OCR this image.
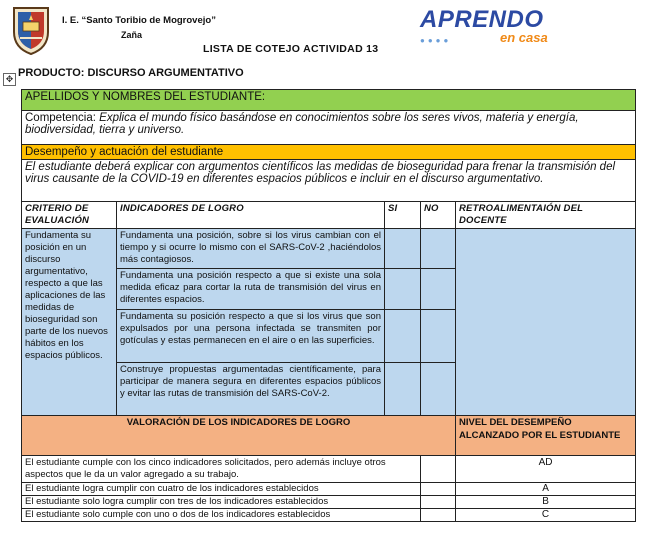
I. E. “Santo Toribio de Mogrovejo”
Zaña
APRENDO
●●●●	en casa
LISTA DE COTEJO ACTIVIDAD 13
✥ PRODUCTO: DISCURSO ARGUMENTATIVO
APELLIDOS Y NOMBRES DEL ESTUDIANTE:				
Competencia: Explica el mundo físico basándose en conocimientos sobre los seres vivos, materia y energía, biodiversidad, tierra y universo.				
Desempeño y actuación del estudiante				
El estudiante deberá explicar con argumentos científicos las medidas de bioseguridad para frenar la transmisión del virus causante de la COVID-19 en diferentes espacios públicos e incluir en el discurso argumentativo.				
CRITERIO DE EVALUACIÓN	INDICADORES DE LOGRO	SI	NO	RETROALIMENTAIÓN DEL DOCENTE
Fundamenta su posición en un discurso argumentativo, respecto a que las aplicaciones de las medidas de bioseguridad son parte de los nuevos hábitos en los espacios públicos.	Fundamenta una posición, sobre si los virus cambian con el tiempo y si ocurre lo mismo con el SARS-CoV-2 ,haciéndolos más contagiosos.			
	Fundamenta una posición respecto a que si existe una sola medida eficaz para cortar la ruta de transmisión del virus en diferentes espacios.			
	Fundamenta su posición respecto a que si los virus que son expulsados por una persona infectada se transmiten por gotículas y estas permanecen en el aire o en las superficies.			
	Construye propuestas argumentadas científicamente, para participar de manera segura en diferentes espacios públicos y evitar las rutas de transmisión del SARS-CoV-2.			
VALORACIÓN DE LOS INDICADORES DE LOGRO				NIVEL DEL DESEMPEÑO ALCANZADO POR EL ESTUDIANTE
El estudiante cumple con los cinco indicadores solicitados, pero además incluye otros aspectos que le da un valor agregado a su trabajo.				AD
El estudiante logra cumplir con cuatro de los indicadores establecidos				A
El estudiante solo logra cumplir con tres de los indicadores establecidos				B
El estudiante solo cumple con uno o dos de los indicadores establecidos				C
